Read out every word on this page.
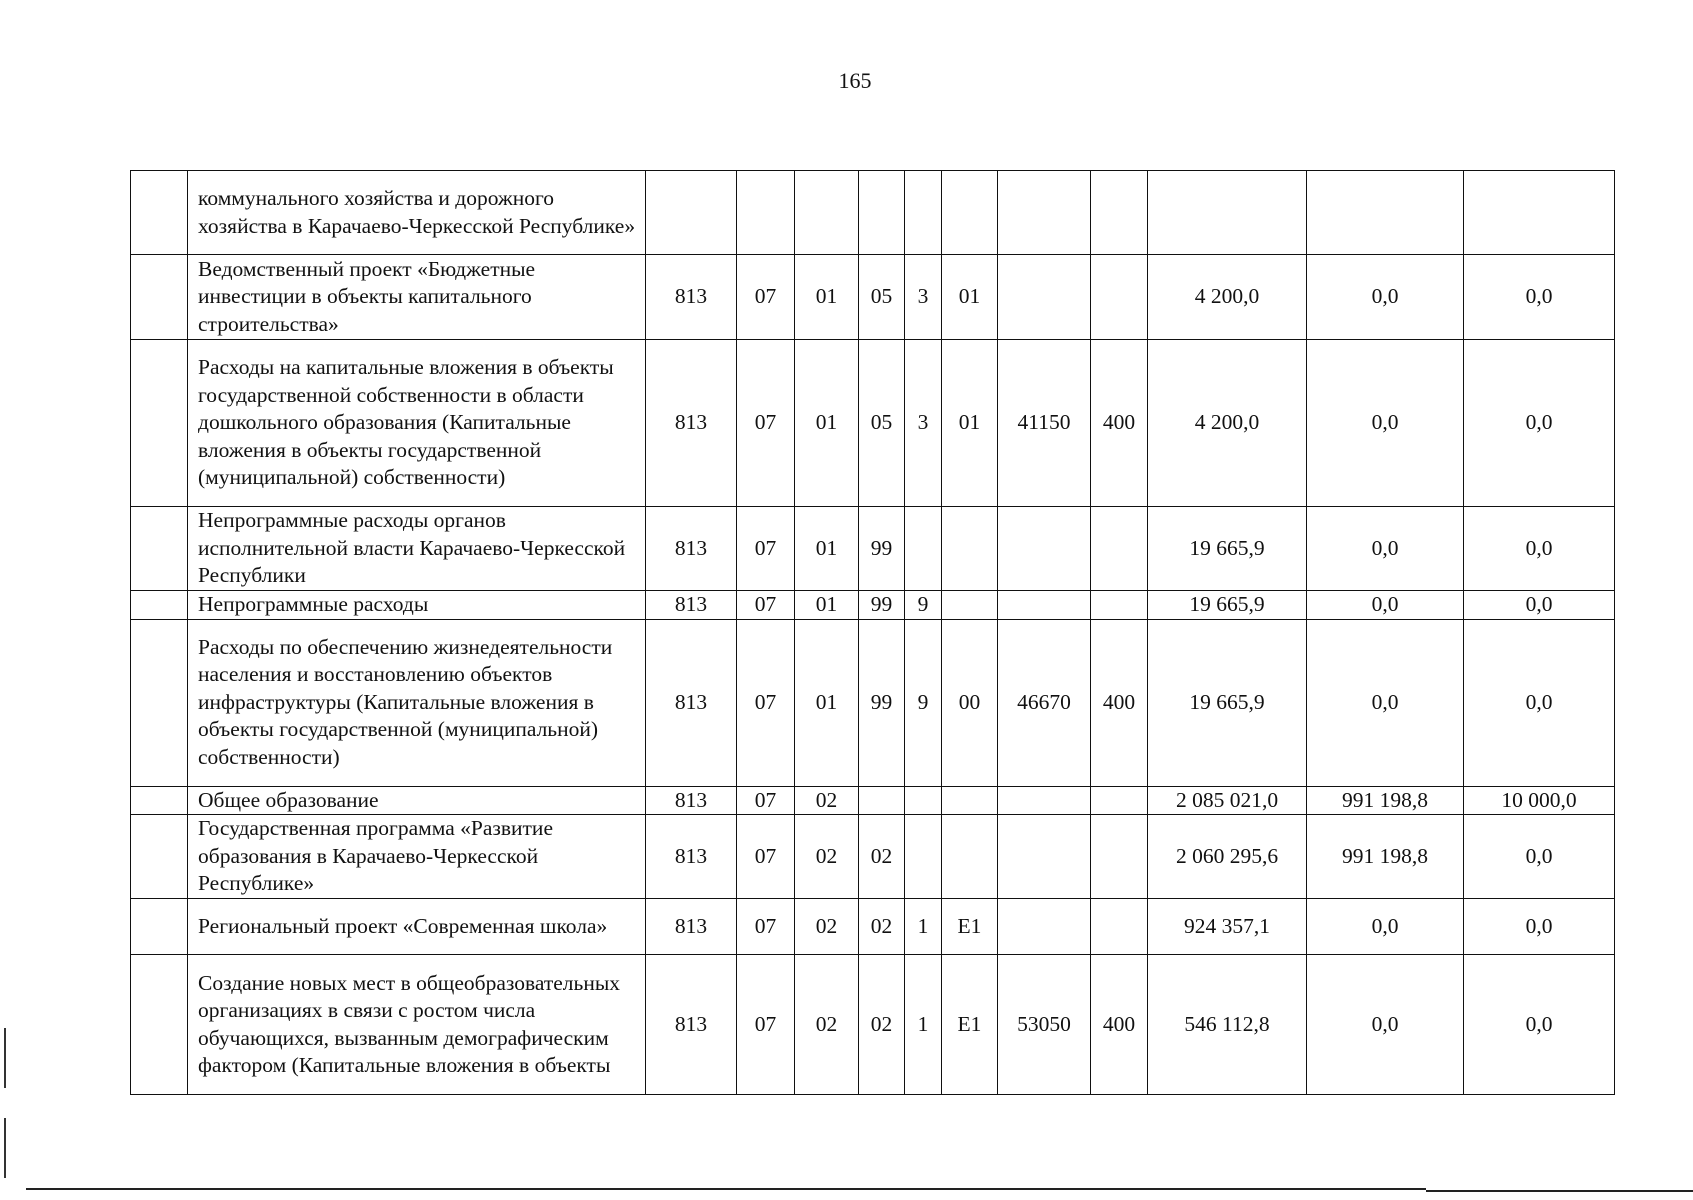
165
	коммунального хозяйства и дорожного хозяйства в Карачаево-Черкесской Республике»											
	Ведомственный проект «Бюджетные инвестиции в объекты капитального строительства»	813	07	01	05	3	01			4 200,0	0,0	0,0
	Расходы на капитальные вложения в объекты государственной собственности в области дошкольного образования (Капитальные вложения в объекты государственной (муниципальной) собственности)	813	07	01	05	3	01	41150	400	4 200,0	0,0	0,0
	Непрограммные расходы органов исполнительной власти Карачаево-Черкесской Республики	813	07	01	99					19 665,9	0,0	0,0
	Непрограммные расходы	813	07	01	99	9				19 665,9	0,0	0,0
	Расходы по обеспечению жизнедеятельности населения и восстановлению объектов инфраструктуры (Капитальные вложения в объекты государственной (муниципальной) собственности)	813	07	01	99	9	00	46670	400	19 665,9	0,0	0,0
	Общее образование	813	07	02						2 085 021,0	991 198,8	10 000,0
	Государственная программа «Развитие образования в Карачаево-Черкесской Республике»	813	07	02	02					2 060 295,6	991 198,8	0,0
	Региональный проект «Современная школа»	813	07	02	02	1	E1			924 357,1	0,0	0,0
	Создание новых мест в общеобразовательных организациях в связи с ростом числа обучающихся, вызванным демографическим фактором (Капитальные вложения в объекты	813	07	02	02	1	E1	53050	400	546 112,8	0,0	0,0
